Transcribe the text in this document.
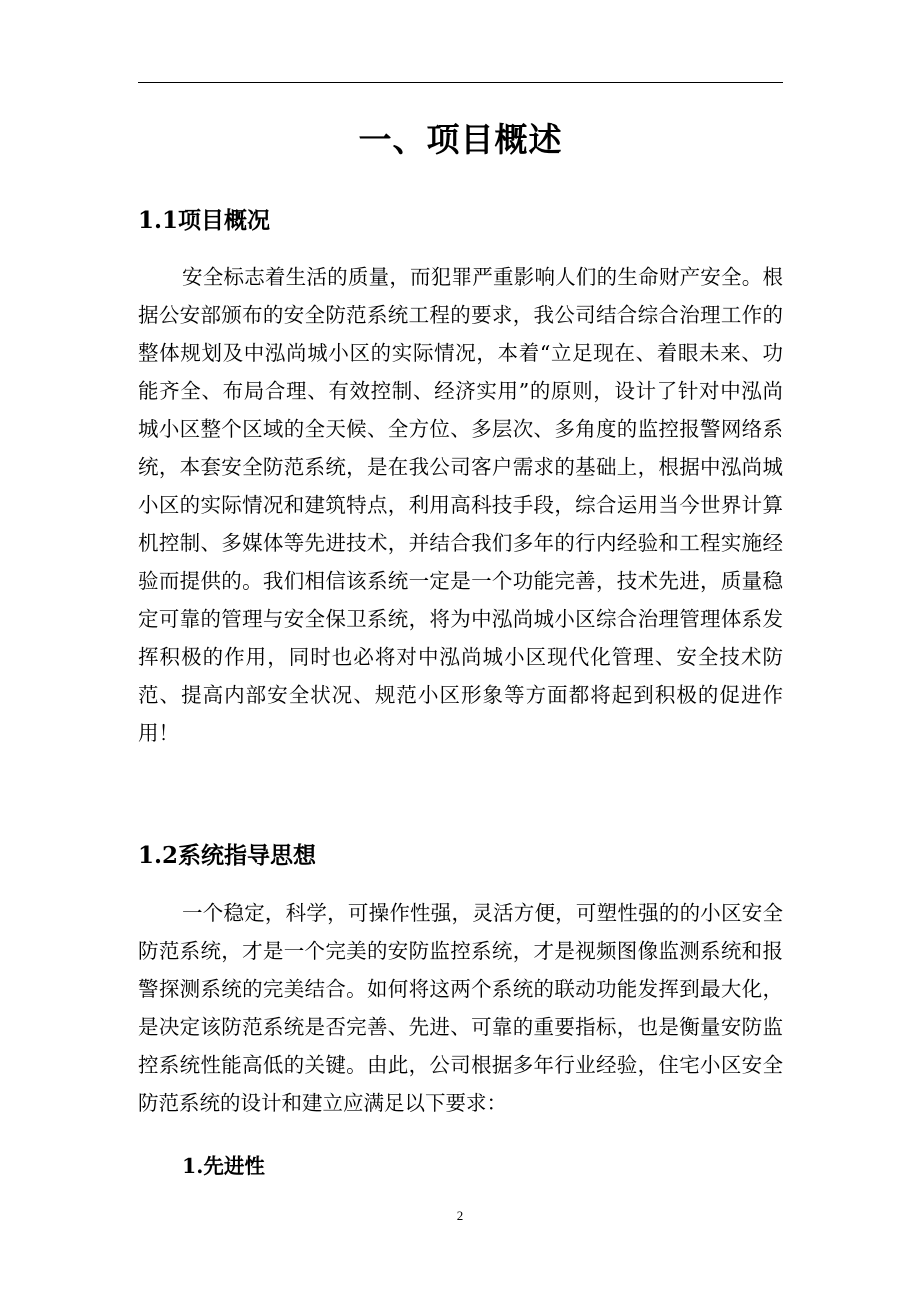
一、项目概述
1.1项目概况

安全标志着生活的质量，而犯罪严重影响人们的生命财产安全。根据公安部颁布的安全防范系统工程的要求，我公司结合综合治理工作的整体规划及中泓尚城小区的实际情况，本着“立足现在、着眼未来、功能齐全、布局合理、有效控制、经济实用”的原则，设计了针对中泓尚城小区整个区域的全天候、全方位、多层次、多角度的监控报警网络系统，本套安全防范系统，是在我公司客户需求的基础上，根据中泓尚城小区的实际情况和建筑特点，利用高科技手段，综合运用当今世界计算机控制、多媒体等先进技术，并结合我们多年的行内经验和工程实施经验而提供的。我们相信该系统一定是一个功能完善，技术先进，质量稳定可靠的管理与安全保卫系统，将为中泓尚城小区综合治理管理体系发挥积极的作用，同时也必将对中泓尚城小区现代化管理、安全技术防范、提高内部安全状况、规范小区形象等方面都将起到积极的促进作用！

1.2系统指导思想

一个稳定，科学，可操作性强，灵活方便，可塑性强的的小区安全防范系统，才是一个完美的安防监控系统，才是视频图像监测系统和报警探测系统的完美结合。如何将这两个系统的联动功能发挥到最大化，是决定该防范系统是否完善、先进、可靠的重要指标，也是衡量安防监控系统性能高低的关键。由此，公司根据多年行业经验，住宅小区安全防范系统的设计和建立应满足以下要求：

1.先进性
2
